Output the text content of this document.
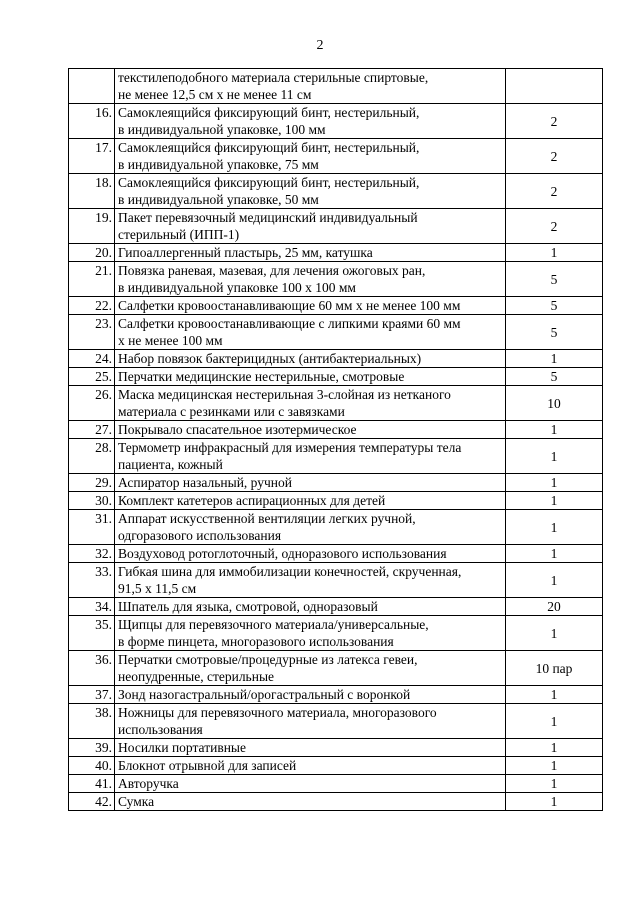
2

	текстилеподобного материала стерильные спиртовые,
не менее 12,5 см х не менее 11 см	

16.	Самоклеящийся фиксирующий бинт, нестерильный,
в индивидуальной упаковке, 100 мм	2
17.	Самоклеящийся фиксирующий бинт, нестерильный,
в индивидуальной упаковке, 75 мм	2
18.	Самоклеящийся фиксирующий бинт, нестерильный,
в индивидуальной упаковке, 50 мм	2
19.	Пакет перевязочный медицинский индивидуальный
стерильный (ИПП-1)	2
20.	Гипоаллергенный пластырь, 25 мм, катушка	1
21.	Повязка раневая, мазевая, для лечения ожоговых ран,
в индивидуальной упаковке 100 х 100 мм	5
22.	Салфетки кровоостанавливающие 60 мм х не менее 100 мм	5
23.	Салфетки кровоостанавливающие с липкими краями 60 мм
х не менее 100 мм	5
24.	Набор повязок бактерицидных (антибактериальных)	1
25.	Перчатки медицинские нестерильные, смотровые	5
26.	Маска медицинская нестерильная 3-слойная из нетканого
материала с резинками или с завязками	10
27.	Покрывало спасательное изотермическое	1
28.	Термометр инфракрасный для измерения температуры тела
пациента, кожный	1
29.	Аспиратор назальный, ручной	1
30.	Комплект катетеров аспирационных для детей	1
31.	Аппарат искусственной вентиляции легких ручной,
одгоразового использования	1
32.	Воздуховод ротоглоточный, одноразового использования	1
33.	Гибкая шина для иммобилизации конечностей, скрученная,
91,5 х 11,5 см	1
34.	Шпатель для языка, смотровой, одноразовый	20
35.	Щипцы для перевязочного материала/универсальные,
в форме пинцета, многоразового использования	1
36.	Перчатки смотровые/процедурные из латекса гевеи,
неопудренные, стерильные	10 пар
37.	Зонд назогастральный/орогастральный с воронкой	1
38.	Ножницы для перевязочного материала, многоразового
использования	1
39.	Носилки портативные	1
40.	Блокнот отрывной для записей	1
41.	Авторучка	1
42.	Сумка	1
